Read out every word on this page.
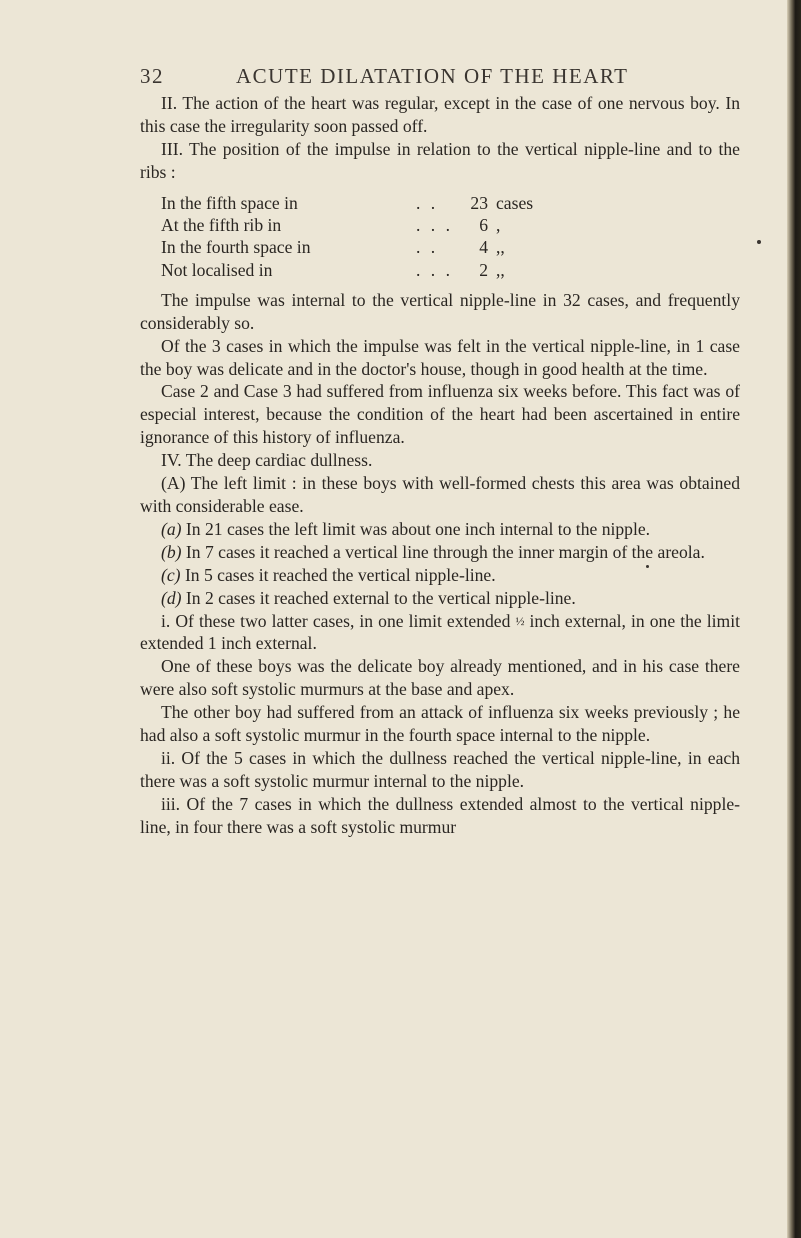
32	ACUTE DILATATION OF THE HEART

II. The action of the heart was regular, except in the case of one nervous boy. In this case the irregularity soon passed off.

III. The position of the impulse in relation to the vertical nipple-line and to the ribs :

In the fifth space in	. .	23 cases
At the fifth rib in	. . .	6 ,
In the fourth space in	. .	4 ,,
Not localised in	. . .	2 ,,

The impulse was internal to the vertical nipple-line in 32 cases, and frequently considerably so.

Of the 3 cases in which the impulse was felt in the vertical nipple-line, in 1 case the boy was delicate and in the doctor's house, though in good health at the time.

Case 2 and Case 3 had suffered from influenza six weeks before. This fact was of especial interest, because the condition of the heart had been ascertained in entire ignorance of this history of influenza.

IV. The deep cardiac dullness.

(A) The left limit : in these boys with well-formed chests this area was obtained with considerable ease.

(a) In 21 cases the left limit was about one inch internal to the nipple.

(b) In 7 cases it reached a vertical line through the inner margin of the areola.

(c) In 5 cases it reached the vertical nipple-line.

(d) In 2 cases it reached external to the vertical nipple-line.

i. Of these two latter cases, in one limit extended ½ inch external, in one the limit extended 1 inch external.

One of these boys was the delicate boy already mentioned, and in his case there were also soft systolic murmurs at the base and apex.

The other boy had suffered from an attack of influenza six weeks previously ; he had also a soft systolic murmur in the fourth space internal to the nipple.

ii. Of the 5 cases in which the dullness reached the vertical nipple-line, in each there was a soft systolic murmur internal to the nipple.

iii. Of the 7 cases in which the dullness extended almost to the vertical nipple-line, in four there was a soft systolic murmur
